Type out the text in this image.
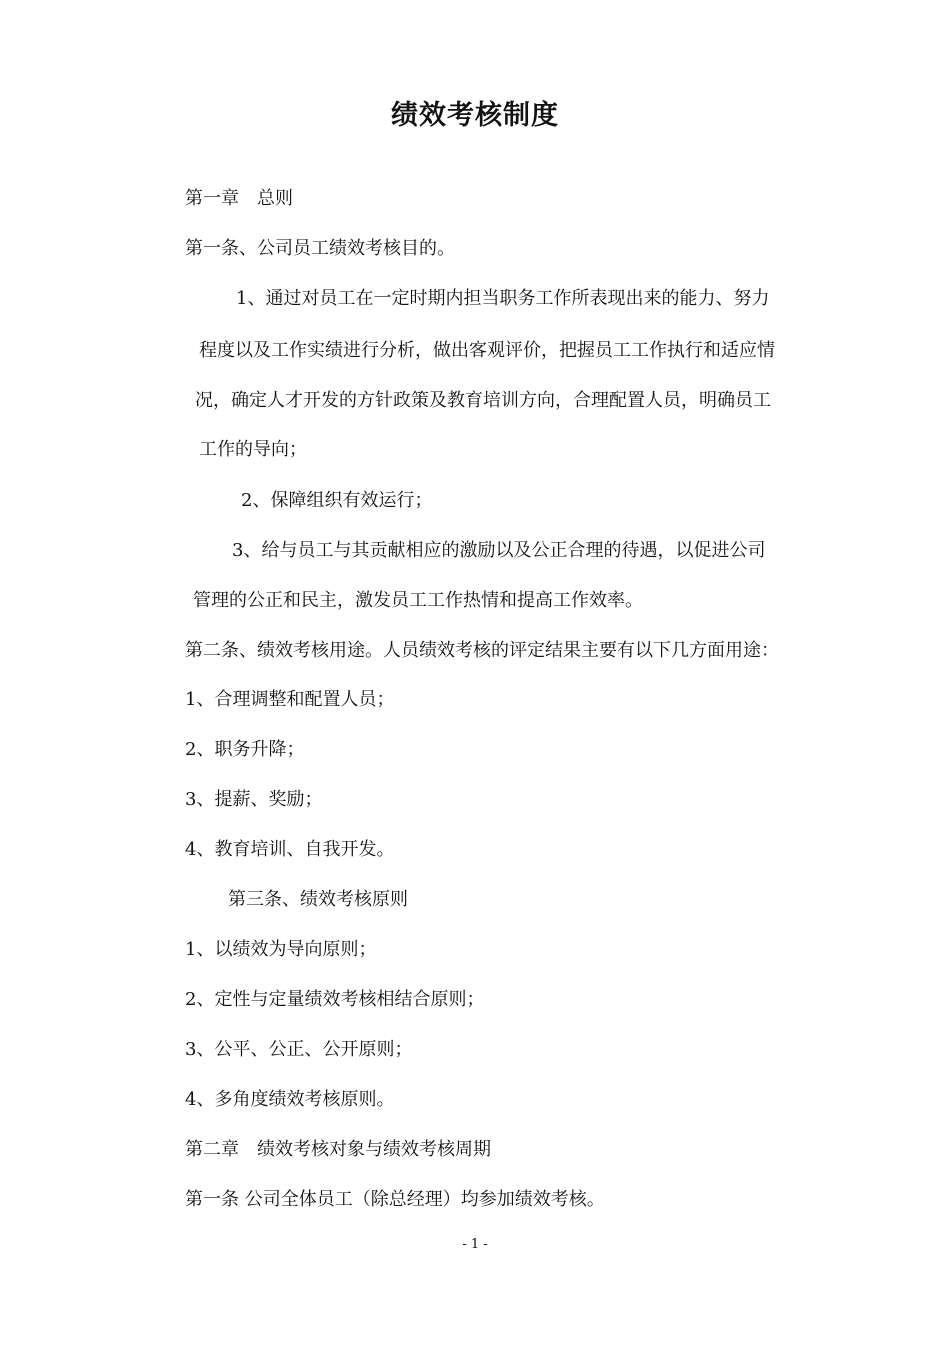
绩效考核制度

第一章　总则

第一条、公司员工绩效考核目的。

1、通过对员工在一定时期内担当职务工作所表现出来的能力、努力

程度以及工作实绩进行分析，做出客观评价，把握员工工作执行和适应情

况，确定人才开发的方针政策及教育培训方向，合理配置人员，明确员工

工作的导向；

2、保障组织有效运行；

3、给与员工与其贡献相应的激励以及公正合理的待遇，以促进公司

管理的公正和民主，激发员工工作热情和提高工作效率。

第二条、绩效考核用途。人员绩效考核的评定结果主要有以下几方面用途：

1、合理调整和配置人员；

2、职务升降；

3、提薪、奖励；

4、教育培训、自我开发。

第三条、绩效考核原则

1、以绩效为导向原则；

2、定性与定量绩效考核相结合原则；

3、公平、公正、公开原则；

4、多角度绩效考核原则。

第二章　绩效考核对象与绩效考核周期

第一条 公司全体员工（除总经理）均参加绩效考核。

- 1 -
